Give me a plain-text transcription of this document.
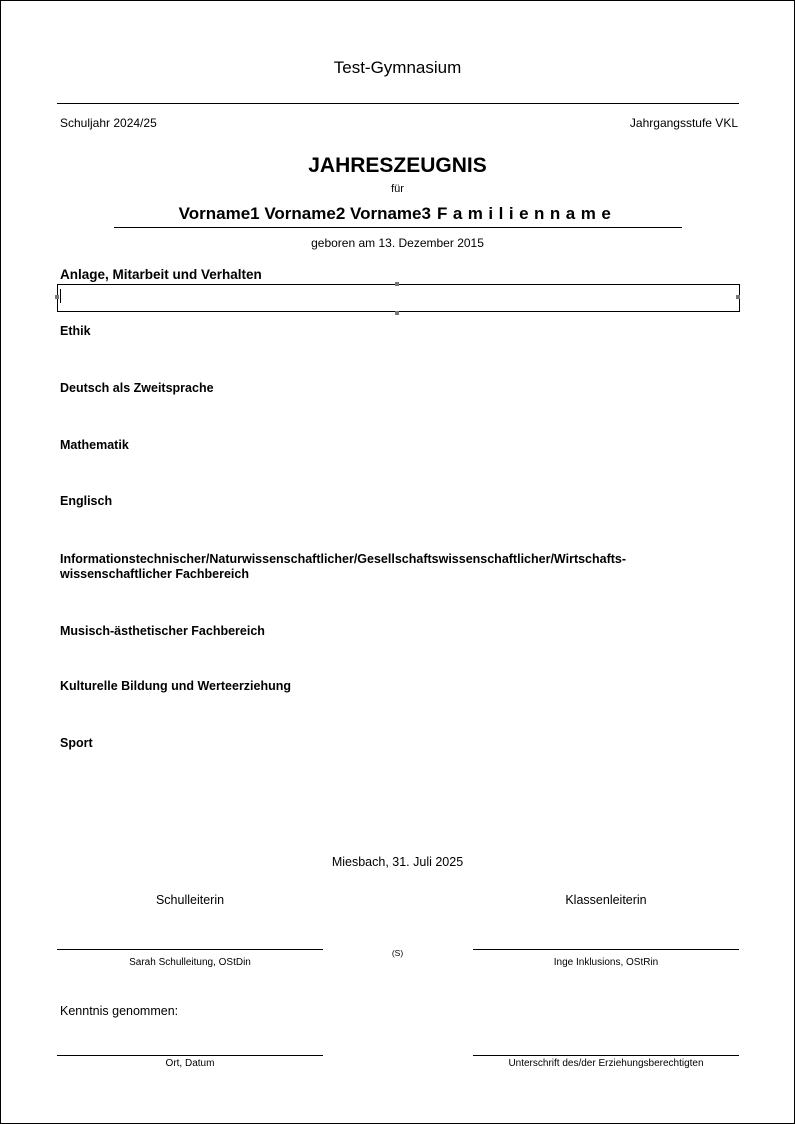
Test-Gymnasium
Schuljahr 2024/25	Jahrgangsstufe VKL
JAHRESZEUGNIS
für
Vorname1 Vorname2 Vorname3 Familienname
geboren am 13. Dezember 2015
Anlage, Mitarbeit und Verhalten
Ethik
Deutsch als Zweitsprache
Mathematik
Englisch
Informationstechnischer/Naturwissenschaftlicher/Gesellschaftswissenschaftlicher/Wirtschafts-wissenschaftlicher Fachbereich
Musisch-ästhetischer Fachbereich
Kulturelle Bildung und Werteerziehung
Sport
Miesbach, 31. Juli 2025
Schulleiterin	Klassenleiterin
(S)
Sarah Schulleitung, OStDin	Inge Inklusions, OStRin
Kenntnis genommen:
Ort, Datum	Unterschrift des/der Erziehungsberechtigten
